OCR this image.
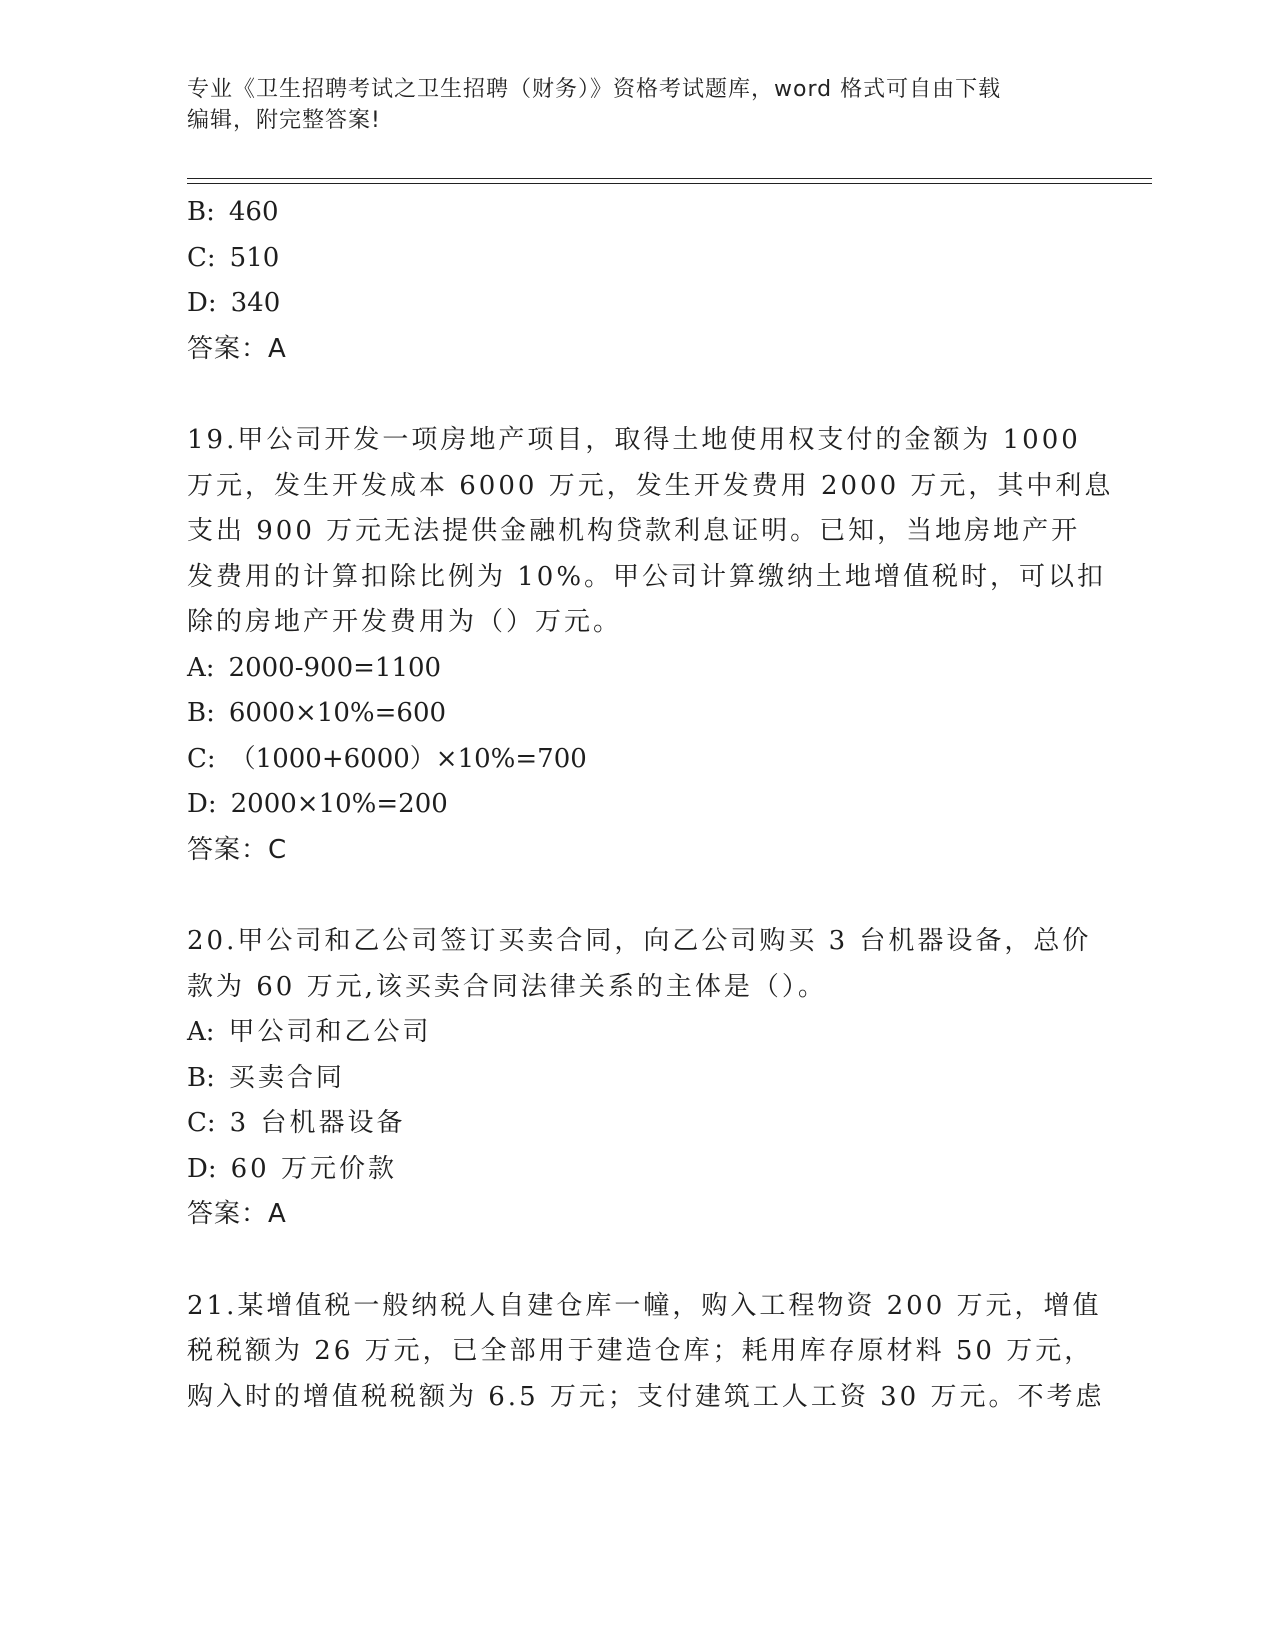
专业《卫生招聘考试之卫生招聘（财务）》资格考试题库，word 格式可自由下载
编辑，附完整答案!
B : 460
C : 510
D : 340
答案：A
19.甲公司开发一项房地产项目，取得土地使用权支付的金额为 1000
万元，发生开发成本 6000 万元，发生开发费用 2000 万元，其中利息
支出 900 万元无法提供金融机构贷款利息证明。已知，当地房地产开
发费用的计算扣除比例为 10%。甲公司计算缴纳土地增值税时，可以扣
除的房地产开发费用为（）万元。
A : 2000-900=1100
B : 6000×10%=600
C : （1000+6000）×10%=700
D : 2000×10%=200
答案：C
20.甲公司和乙公司签订买卖合同，向乙公司购买 3 台机器设备，总价
款为 60 万元,该买卖合同法律关系的主体是（）。
A : 甲公司和乙公司
B : 买卖合同
C : 3 台机器设备
D : 60 万元价款
答案：A
21.某增值税一般纳税人自建仓库一幢，购入工程物资 200 万元，增值
税税额为 26 万元，已全部用于建造仓库；耗用库存原材料 50 万元，
购入时的增值税税额为 6.5 万元；支付建筑工人工资 30 万元。不考虑
